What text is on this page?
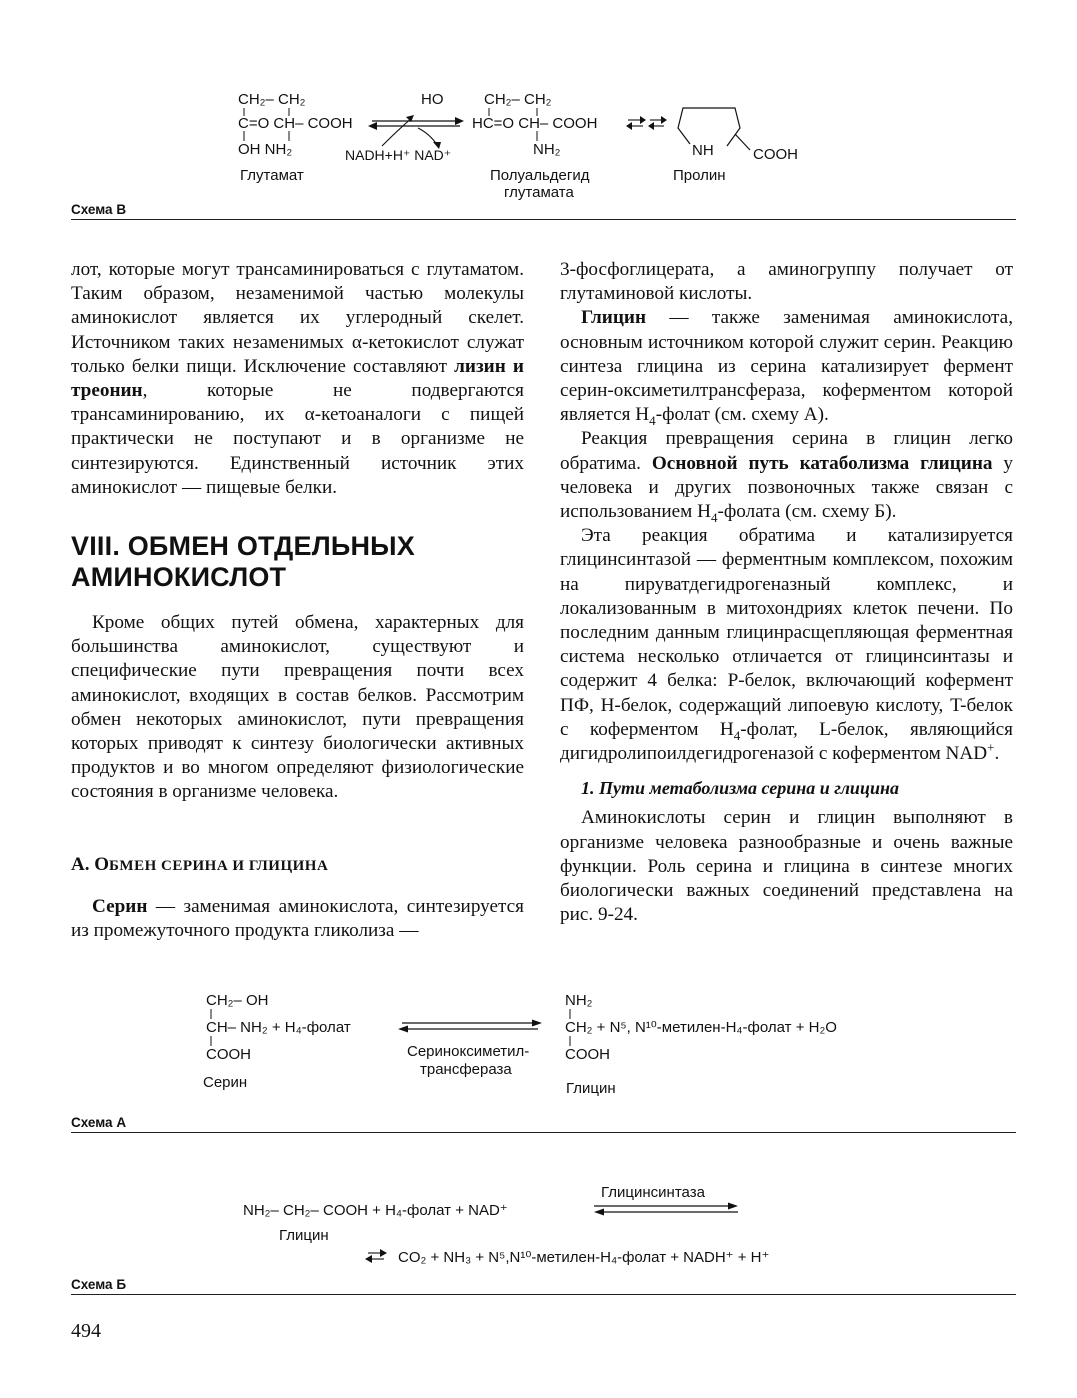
CH₂– CH₂
C=O CH– COOH
OH NH₂
Глутамат
HO
NADH+H⁺ NAD⁺
CH₂– CH₂
HC=O CH– COOH
NH₂
Полуальдегид
глутамата
NH	COOH
Пролин
Схема В

лот, которые могут трансаминироваться с глутаматом. Таким образом, незаменимой частью молекулы аминокислот является их углеродный скелет. Источником таких незаменимых α-кетокислот служат только белки пищи. Исключение составляют лизин и треонин, которые не подвергаются трансаминированию, их α-кетоаналоги с пищей практически не поступают и в организме не синтезируются. Единственный источник этих аминокислот — пищевые белки.

VIII. ОБМЕН ОТДЕЛЬНЫХ
АМИНОКИСЛОТ

Кроме общих путей обмена, характерных для большинства аминокислот, существуют и специфические пути превращения почти всех аминокислот, входящих в состав белков. Рассмотрим обмен некоторых аминокислот, пути превращения которых приводят к синтезу биологически активных продуктов и во многом определяют физиологические состояния в организме человека.

А. ОБМЕН СЕРИНА И ГЛИЦИНА

Серин — заменимая аминокислота, синтезируется из промежуточного продукта гликолиза —

3-фосфоглицерата, а аминогруппу получает от глутаминовой кислоты.

Глицин — также заменимая аминокислота, основным источником которой служит серин. Реакцию синтеза глицина из серина катализирует фермент серин-оксиметилтрансфераза, коферментом которой является $H_4$-фолат (см. схему А).

Реакция превращения серина в глицин легко обратима. Основной путь катаболизма глицина у человека и других позвоночных также связан с использованием $H_4$-фолата (см. схему Б).

Эта реакция обратима и катализируется глицинсинтазой — ферментным комплексом, похожим на пируватдегидрогеназный комплекс, и локализованным в митохондриях клеток печени. По последним данным глицинрасщепляющая ферментная система несколько отличается от глицинсинтазы и содержит 4 белка: P-белок, включающий кофермент ПФ, H-белок, содержащий липоевую кислоту, T-белок с коферментом $H_4$-фолат, L-белок, являющийся дигидролипоилдегидрогеназой с коферментом NAD+.

1. Пути метаболизма серина и глицина

Аминокислоты серин и глицин выполняют в организме человека разнообразные и очень важные функции. Роль серина и глицина в синтезе многих биологически важных соединений представлена на рис. 9-24.

CH₂– OH
CH– NH₂ + H₄-фолат
COOH
Серин
Сериноксиметил-
трансфераза
NH₂
CH₂ + N⁵, N¹⁰-метилен-H₄-фолат + H₂O
COOH
Глицин
Схема А
Глицинсинтаза
NH₂– CH₂– COOH + H₄-фолат + NAD⁺
Глицин
CO₂ + NH₃ + N⁵,N¹⁰-метилен-H₄-фолат + NADH⁺ + H⁺
Схема Б
494
